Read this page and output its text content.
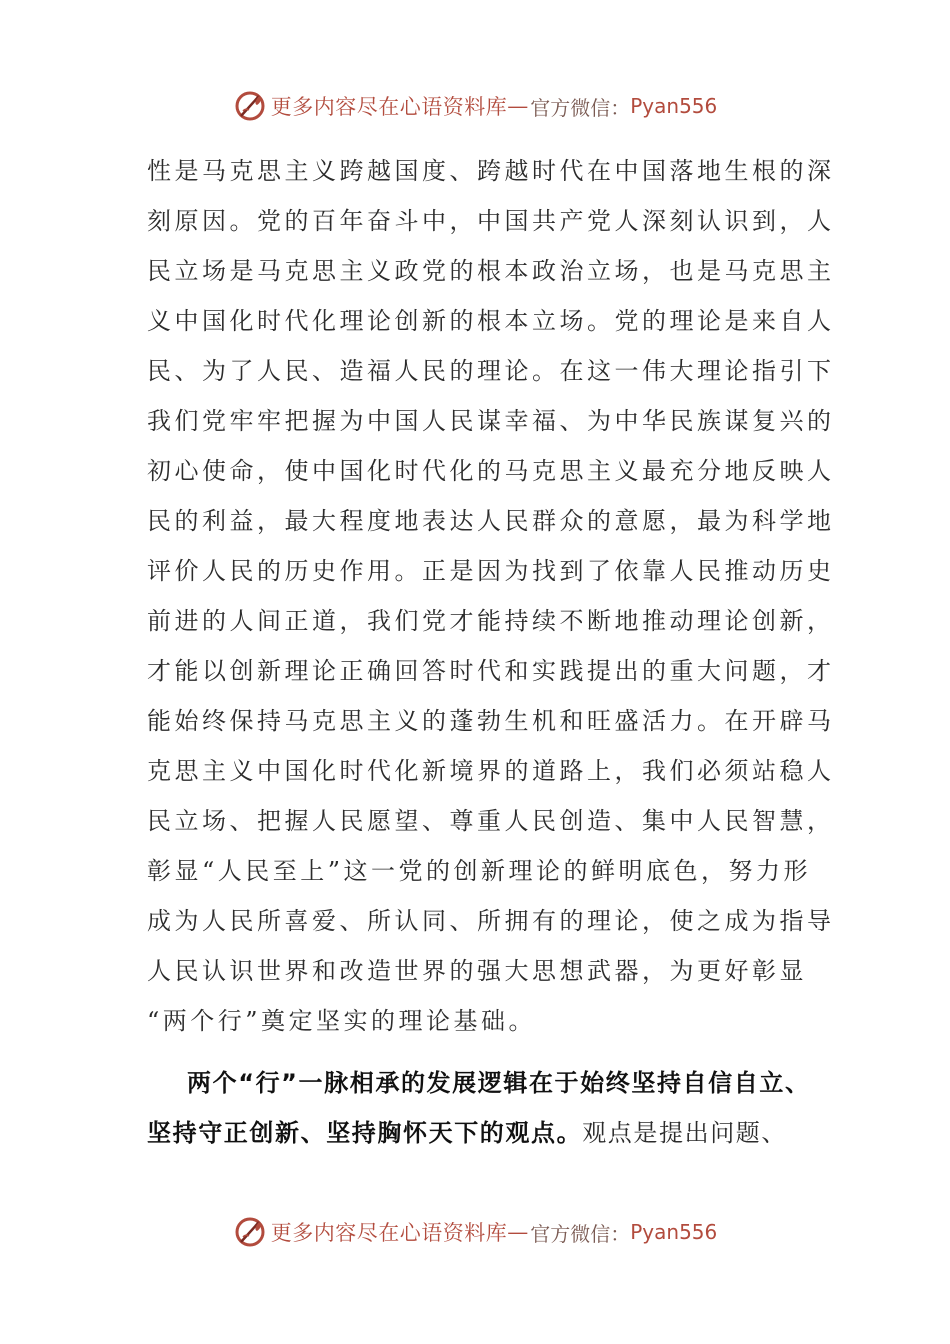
更多内容尽在心语资料库 — 官方微信： Pyan556
性是马克思主义跨越国度、跨越时代在中国落地生根的深
刻原因。党的百年奋斗中，中国共产党人深刻认识到，人
民立场是马克思主义政党的根本政治立场，也是马克思主
义中国化时代化理论创新的根本立场。党的理论是来自人
民、为了人民、造福人民的理论。在这一伟大理论指引下
我们党牢牢把握为中国人民谋幸福、为中华民族谋复兴的
初心使命，使中国化时代化的马克思主义最充分地反映人
民的利益，最大程度地表达人民群众的意愿，最为科学地
评价人民的历史作用。正是因为找到了依靠人民推动历史
前进的人间正道，我们党才能持续不断地推动理论创新，
才能以创新理论正确回答时代和实践提出的重大问题，才
能始终保持马克思主义的蓬勃生机和旺盛活力。在开辟马
克思主义中国化时代化新境界的道路上，我们必须站稳人
民立场、把握人民愿望、尊重人民创造、集中人民智慧，
彰显“人民至上”这一党的创新理论的鲜明底色，努力形
成为人民所喜爱、所认同、所拥有的理论，使之成为指导
人民认识世界和改造世界的强大思想武器，为更好彰显
“两个行”奠定坚实的理论基础。
两个“行”一脉相承的发展逻辑在于始终坚持自信自立、
坚持守正创新、坚持胸怀天下的观点。观点是提出问题、
更多内容尽在心语资料库 — 官方微信： Pyan556
